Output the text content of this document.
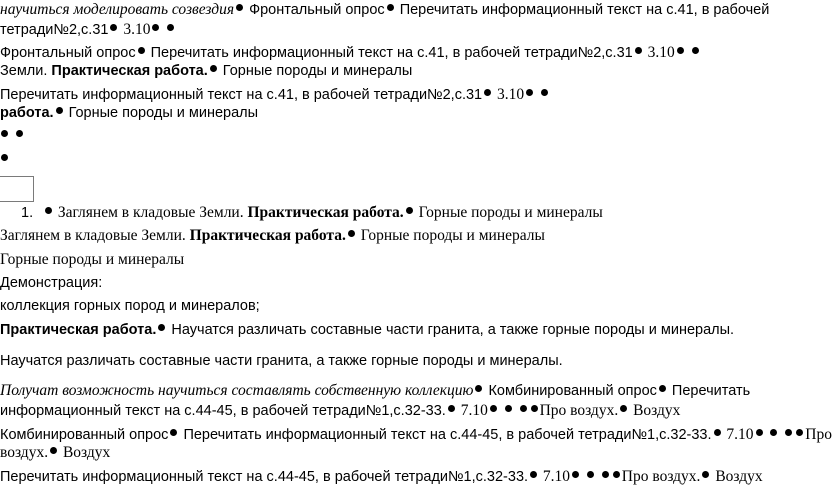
научиться моделировать созвездия Фронтальный опрос Перечитать информационный текст на с.41, в рабочей
тетради№2,с.31 3.10
Фронтальный опрос Перечитать информационный текст на с.41, в рабочей тетради№2,с.31 3.10
Земли. Практическая работа. Горные породы и минералы
Перечитать информационный текст на с.41, в рабочей тетради№2,с.31 3.10
работа. Горные породы и минералы

1.  Заглянем в кладовые Земли. Практическая работа. Горные породы и минералы
Заглянем в кладовые Земли. Практическая работа. Горные породы и минералы
Горные породы и минералы
Демонстрация:
коллекция горных пород и минералов;
Практическая работа. Научатся различать составные части гранита, а также горные породы и минералы.
Научатся различать составные части гранита, а также горные породы и минералы.
Получат возможность научиться составлять собственную коллекцию Комбинированный опрос Перечитать
информационный текст на с.44-45, в рабочей тетради№1,с.32-33. 7.10	Про воздух. Воздух
Комбинированный опрос Перечитать информационный текст на с.44-45, в рабочей тетради№1,с.32-33. 7.10	Про
воздух. Воздух
Перечитать информационный текст на с.44-45, в рабочей тетради№1,с.32-33. 7.10	Про воздух. Воздух
